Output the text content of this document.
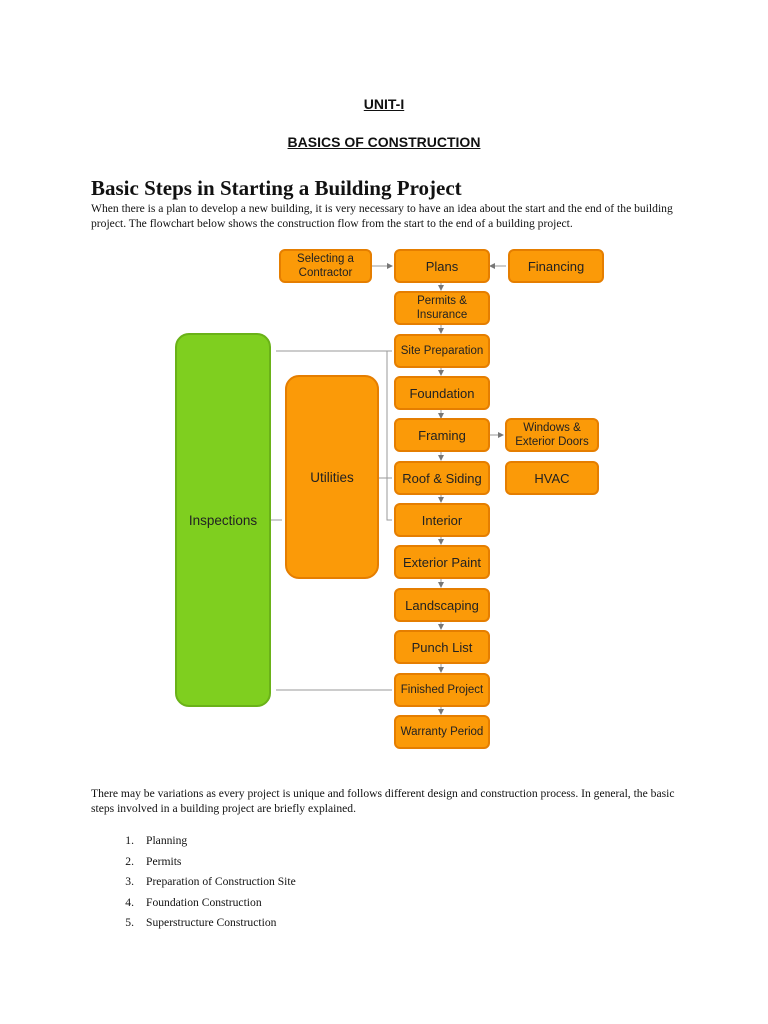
UNIT-I
BASICS OF CONSTRUCTION
Basic Steps in Starting a Building Project

When there is a plan to develop a new building, it is very necessary to have an idea about the start and the end of the building project. The flowchart below shows the construction flow from the start to the end of a building project.

Selecting a
Contractor	Plans	Financing
Permits &
Insurance
Site Preparation
Foundation
Framing	Windows &
Exterior Doors
Roof & Siding	HVAC
Interior
Exterior Paint
Landscaping
Punch List
Finished Project
Warranty Period
Utilities
Inspections

There may be variations as every project is unique and follows different design and construction process. In general, the basic steps involved in a building project are briefly explained.

1. Planning
2. Permits
3. Preparation of Construction Site
4. Foundation Construction
5. Superstructure Construction
